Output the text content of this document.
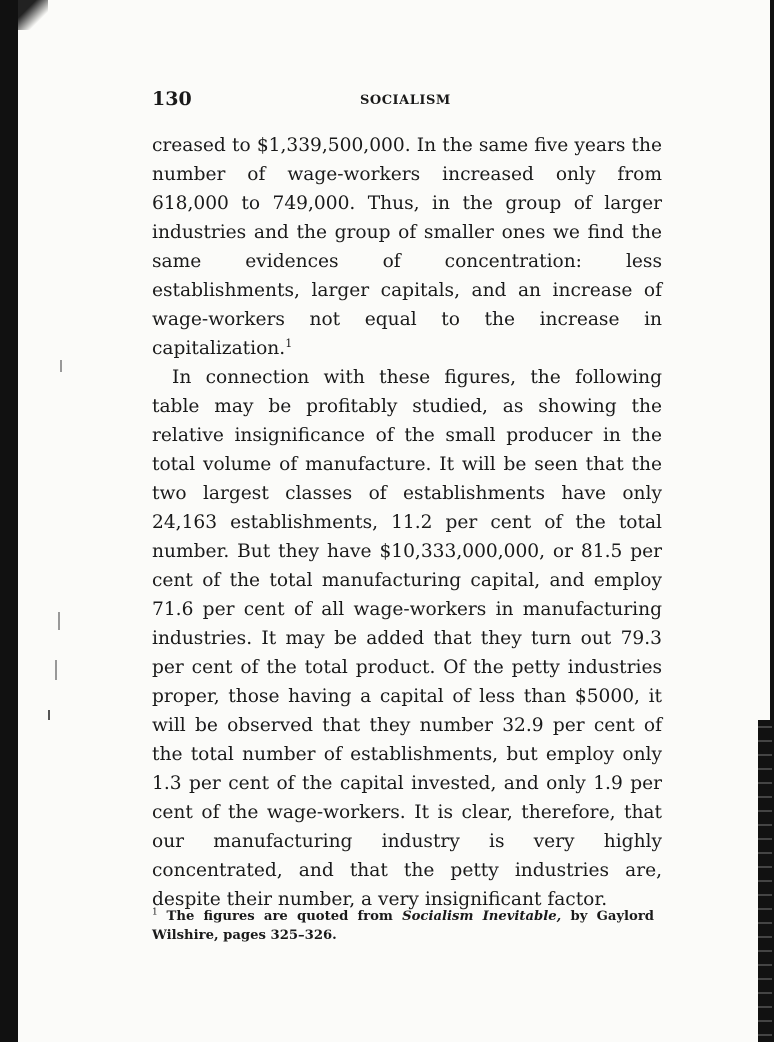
130	SOCIALISM

creased to $1,339,500,000. In the same five years the number of wage-workers increased only from 618,000 to 749,000. Thus, in the group of larger industries and the group of smaller ones we find the same evidences of concentration: less establishments, larger capitals, and an increase of wage-workers not equal to the increase in capitalization.$^1$

In connection with these figures, the following table may be profitably studied, as showing the relative insignificance of the small producer in the total volume of manufacture. It will be seen that the two largest classes of establishments have only 24,163 establishments, 11.2 per cent of the total number. But they have $10,333,000,000, or 81.5 per cent of the total manufacturing capital, and employ 71.6 per cent of all wage-workers in manufacturing industries. It may be added that they turn out 79.3 per cent of the total product. Of the petty industries proper, those having a capital of less than $5000, it will be observed that they number 32.9 per cent of the total number of establishments, but employ only 1.3 per cent of the capital invested, and only 1.9 per cent of the wage-workers. It is clear, therefore, that our manufacturing industry is very highly concentrated, and that the petty industries are, despite their number, a very insignificant factor.

$^1$ The figures are quoted from Socialism Inevitable, by Gaylord Wilshire, pages 325–326.
